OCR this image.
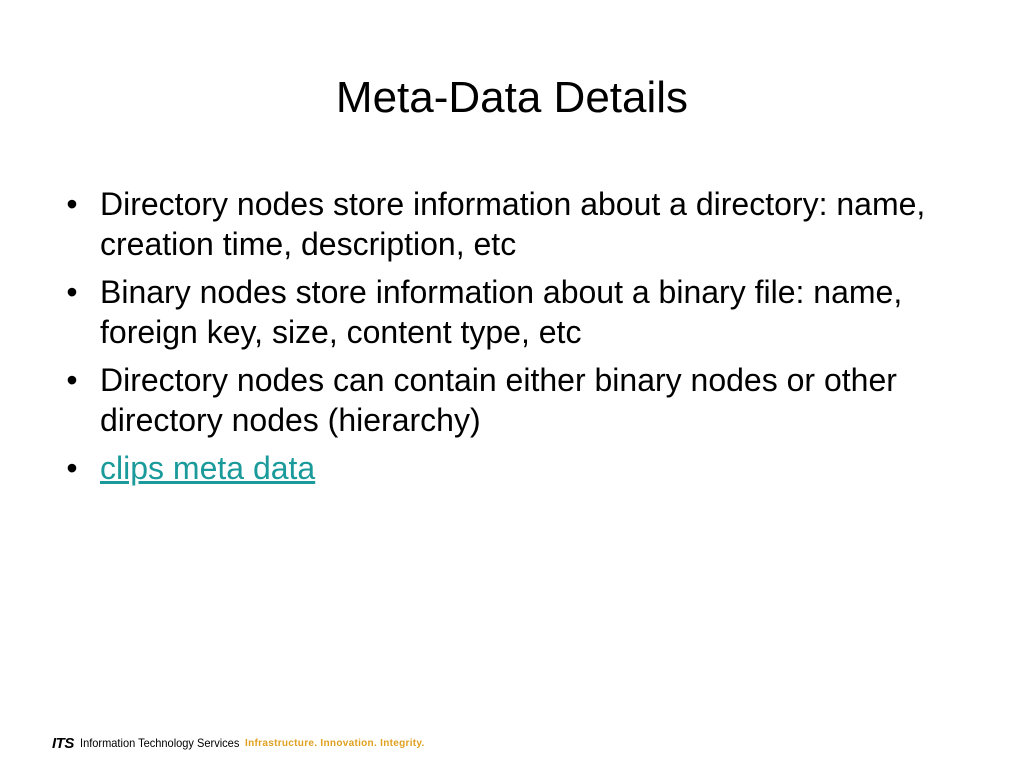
Meta-Data Details
• Directory nodes store information about a directory: name, creation time, description, etc
• Binary nodes store information about a binary file: name, foreign key, size, content type, etc
• Directory nodes can contain either binary nodes or other directory nodes (hierarchy)
• clips meta data
ITS Information Technology Services Infrastructure. Innovation. Integrity.
